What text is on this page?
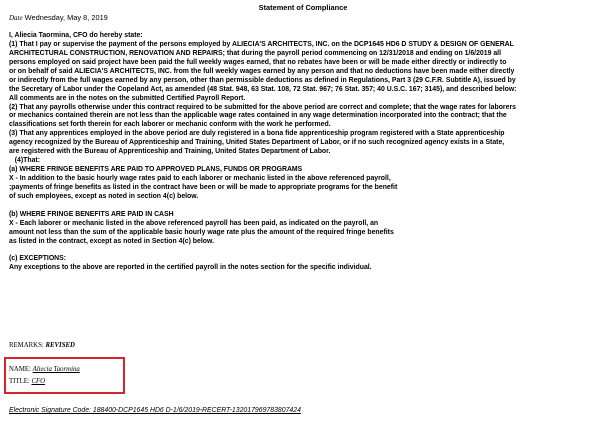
Statement of Compliance
Date Wednesday, May 8, 2019
I, Aliecia Taormina, CFO do hereby state:
(1) That I pay or supervise the payment of the persons employed by ALIECIA'S ARCHITECTS, INC. on the DCP1645 HD6 D STUDY & DESIGN OF GENERAL
ARCHITECTURAL CONSTRUCTION, RENOVATION AND REPAIRS; that during the payroll period commencing on 12/31/2018 and ending on 1/6/2019 all
persons employed on said project have been paid the full weekly wages earned, that no rebates have been or will be made either directly or indirectly to
or on behalf of said ALIECIA'S ARCHITECTS, INC. from the full weekly wages earned by any person and that no deductions have been made either directly
or indirectly from the full wages earned by any person, other than permissible deductions as defined in Regulations, Part 3 (29 C.F.R. Subtitle A), issued by
the Secretary of Labor under the Copeland Act, as amended (48 Stat. 948, 63 Stat. 108, 72 Stat. 967; 76 Stat. 357; 40 U.S.C. 167; 3145), and described below:
All comments are in the notes on the submitted Certified Payroll Report.
(2) That any payrolls otherwise under this contract required to be submitted for the above period are correct and complete; that the wage rates for laborers
or mechanics contained therein are not less than the applicable wage rates contained in any wage determination incorporated into the contract; that the
classifications set forth therein for each laborer or mechanic conform with the work he performed.
(3) That any apprentices employed in the above period are duly registered in a bona fide apprenticeship program registered with a State apprenticeship
agency recognized by the Bureau of Apprenticeship and Training, United States Department of Labor, or if no such recognized agency exists in a State,
are registered with the Bureau of Apprenticeship and Training, United States Department of Labor.
(4)That:
(a) WHERE FRINGE BENEFITS ARE PAID TO APPROVED PLANS, FUNDS OR PROGRAMS
X - In addition to the basic hourly wage rates paid to each laborer or mechanic listed in the above referenced payroll,
;payments of fringe benefits as listed in the contract have been or will be made to appropriate programs for the benefit
of such employees, except as noted in section 4(c) below.
(b) WHERE FRINGE BENEFITS ARE PAID IN CASH
X - Each laborer or mechanic listed in the above referenced payroll has been paid, as indicated on the payroll, an
amount not less than the sum of the applicable basic hourly wage rate plus the amount of the required fringe benefits
as listed in the contract, except as noted in Section 4(c) below.
(c) EXCEPTIONS:
Any exceptions to the above are reported in the certified payroll in the notes section for the specific individual.
REMARKS: REVISED
NAME: Aliecia Taormina
TITLE: CFO
Electronic Signature Code: 188400-DCP1645 HD6 D-1/6/2019-RECERT-132017969783807424
